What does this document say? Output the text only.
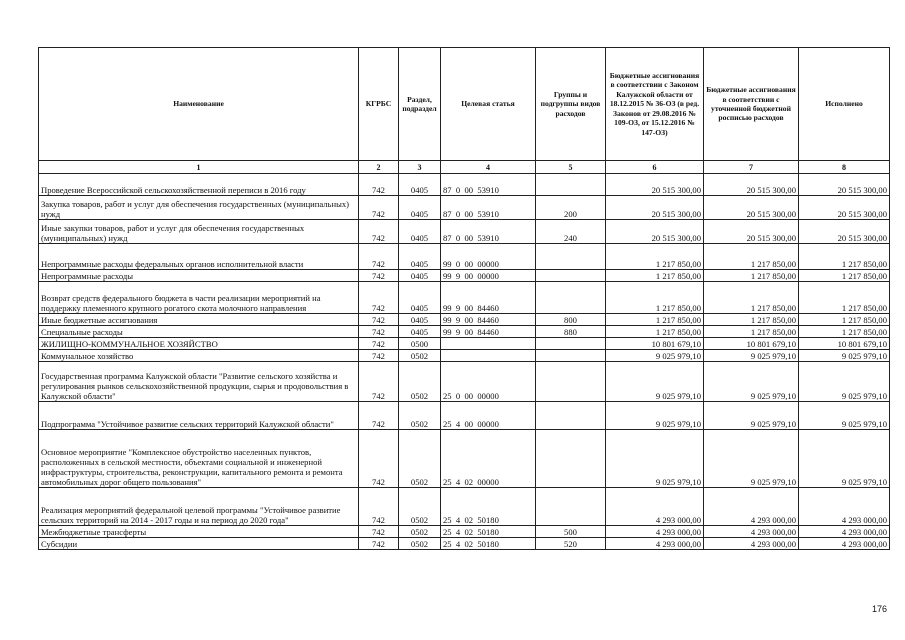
Наименование	КГРБС	Раздел, подраздел	Целевая статья	Группы и подгруппы видов расходов	Бюджетные ассигнования в соответствии с Законом Калужской области от 18.12.2015 № 36-ОЗ (в ред. Законов от 29.08.2016 № 109-ОЗ, от 15.12.2016 № 147-ОЗ)	Бюджетные ассигнования в соответствии с уточненной бюджетной росписью расходов	Исполнено
1	2	3	4	5	6	7	8
Проведение Всероссийской сельскохозяйственной переписи в 2016 году	742	0405	87  0  00  53910		20 515 300,00	20 515 300,00	20 515 300,00
Закупка товаров, работ и услуг для обеспечения государственных (муниципальных) нужд	742	0405	87  0  00  53910	200	20 515 300,00	20 515 300,00	20 515 300,00
Иные закупки товаров, работ и услуг для обеспечения государственных (муниципальных) нужд	742	0405	87  0  00  53910	240	20 515 300,00	20 515 300,00	20 515 300,00
Непрограммные расходы федеральных органов исполнительной власти	742	0405	99  0  00  00000		1 217 850,00	1 217 850,00	1 217 850,00
Непрограммные расходы	742	0405	99  9  00  00000		1 217 850,00	1 217 850,00	1 217 850,00
Возврат средств федерального бюджета в части реализации мероприятий на поддержку племенного крупного рогатого скота молочного направления	742	0405	99  9  00  84460		1 217 850,00	1 217 850,00	1 217 850,00
Иные бюджетные ассигнования	742	0405	99  9  00  84460	800	1 217 850,00	1 217 850,00	1 217 850,00
Специальные расходы	742	0405	99  9  00  84460	880	1 217 850,00	1 217 850,00	1 217 850,00
ЖИЛИЩНО-КОММУНАЛЬНОЕ ХОЗЯЙСТВО	742	0500			10 801 679,10	10 801 679,10	10 801 679,10
Коммунальное хозяйство	742	0502			9 025 979,10	9 025 979,10	9 025 979,10
Государственная программа Калужской области "Развитие сельского хозяйства и регулирования рынков сельскохозяйственной продукции, сырья и продовольствия в Калужской области"	742	0502	25  0  00  00000		9 025 979,10	9 025 979,10	9 025 979,10
Подпрограмма "Устойчивое развитие сельских территорий Калужской области"	742	0502	25  4  00  00000		9 025 979,10	9 025 979,10	9 025 979,10
Основное мероприятие "Комплексное обустройство населенных пунктов, расположенных в сельской местности, объектами социальной и инженерной инфраструктуры, строительства, реконструкции, капитального ремонта и ремонта автомобильных дорог общего пользования"	742	0502	25  4  02  00000		9 025 979,10	9 025 979,10	9 025 979,10
Реализация мероприятий федеральной целевой программы "Устойчивое развитие сельских территорий на 2014 - 2017 годы и на период до 2020 года"	742	0502	25  4  02  50180		4 293 000,00	4 293 000,00	4 293 000,00
Межбюджетные трансферты	742	0502	25  4  02  50180	500	4 293 000,00	4 293 000,00	4 293 000,00
Субсидии	742	0502	25  4  02  50180	520	4 293 000,00	4 293 000,00	4 293 000,00
176
